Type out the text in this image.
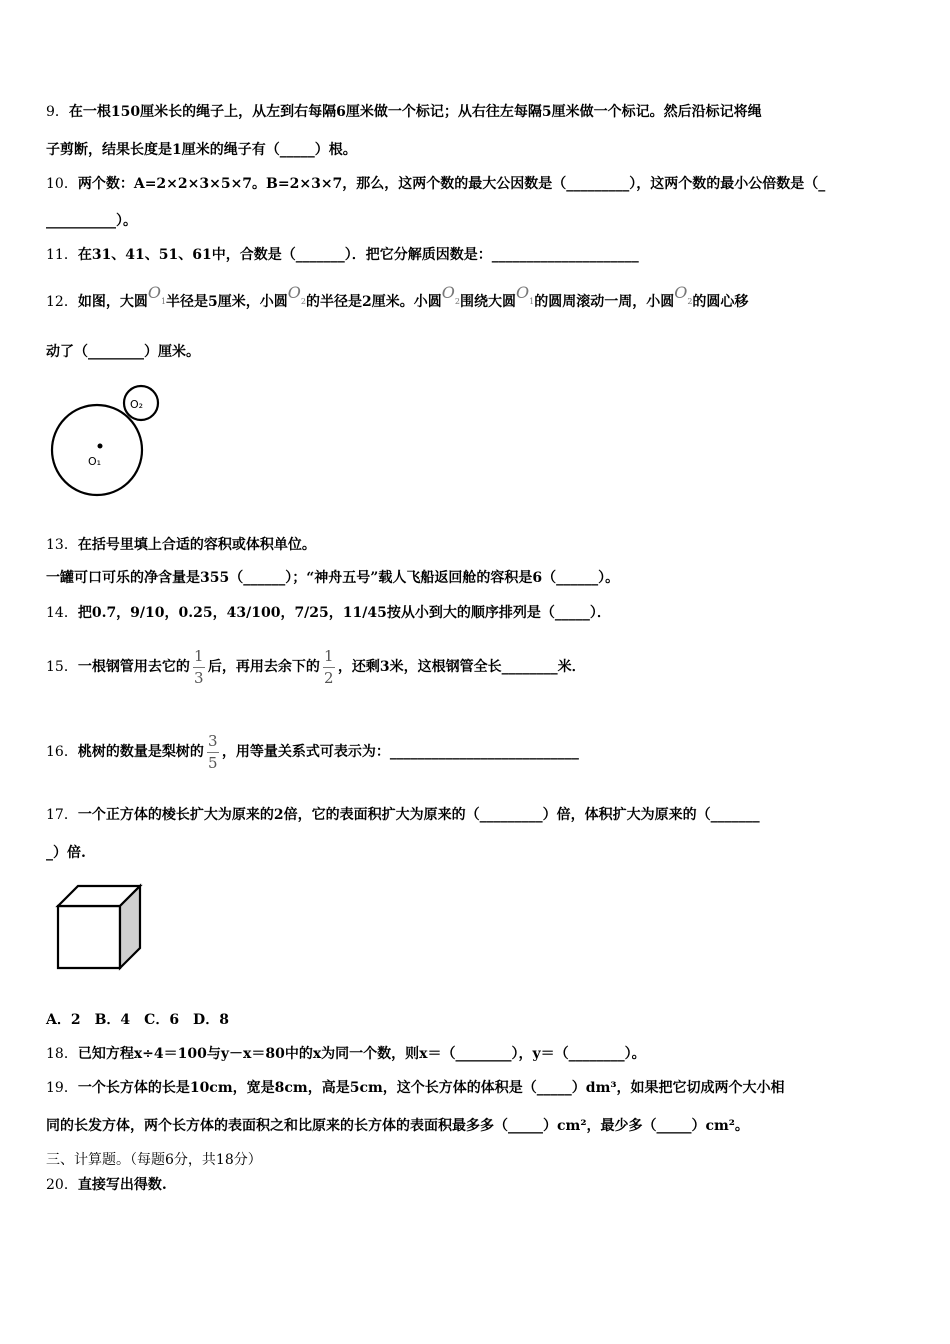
9．在一根150厘米长的绳子上，从左到右每隔6厘米做一个标记；从右往左每隔5厘米做一个标记。然后沿标记将绳
子剪断，结果长度是1厘米的绳子有（_____）根。
10．两个数：A=2×2×3×5×7。B=2×3×7，那么，这两个数的最大公因数是（_________），这两个数的最小公倍数是（_
__________）。
11．在31、41、51、61中，合数是（_______）．把它分解质因数是：_____________________
12．如图，大圆$O_1$半径是5厘米，小圆$O_2$的半径是2厘米。小圆$O_2$围绕大圆$O_1$的圆周滚动一周，小圆$O_2$的圆心移
动了（________）厘米。
O₁
O₂
13．在括号里填上合适的容积或体积单位。
一罐可口可乐的净含量是355（______）；“神舟五号”载人飞船返回舱的容积是6（______）。
14．把0.7，9/10，0.25，43/100，7/25，11/45按从小到大的顺序排列是（_____）．
15．一根钢管用去它的 $\frac{1}{3}$ 后，再用去余下的 $\frac{1}{2}$ ，还剩3米，这根钢管全长________米．
16．桃树的数量是梨树的 $\frac{3}{5}$ ，用等量关系式可表示为：___________________________
17．一个正方体的棱长扩大为原来的2倍，它的表面积扩大为原来的（_________）倍，体积扩大为原来的（_______
_）倍.
A．2　B．4　C．6　D．8
18．已知方程x÷4＝100与y－x＝80中的x为同一个数，则x＝（________），y＝（________）。
19．一个长方体的长是10cm，宽是8cm，高是5cm，这个长方体的体积是（_____）dm³，如果把它切成两个大小相
同的长发方体，两个长方体的表面积之和比原来的长方体的表面积最多多（_____）cm²，最少多（_____）cm²。
三、计算题。（每题6分，共18分）
20．直接写出得数.
